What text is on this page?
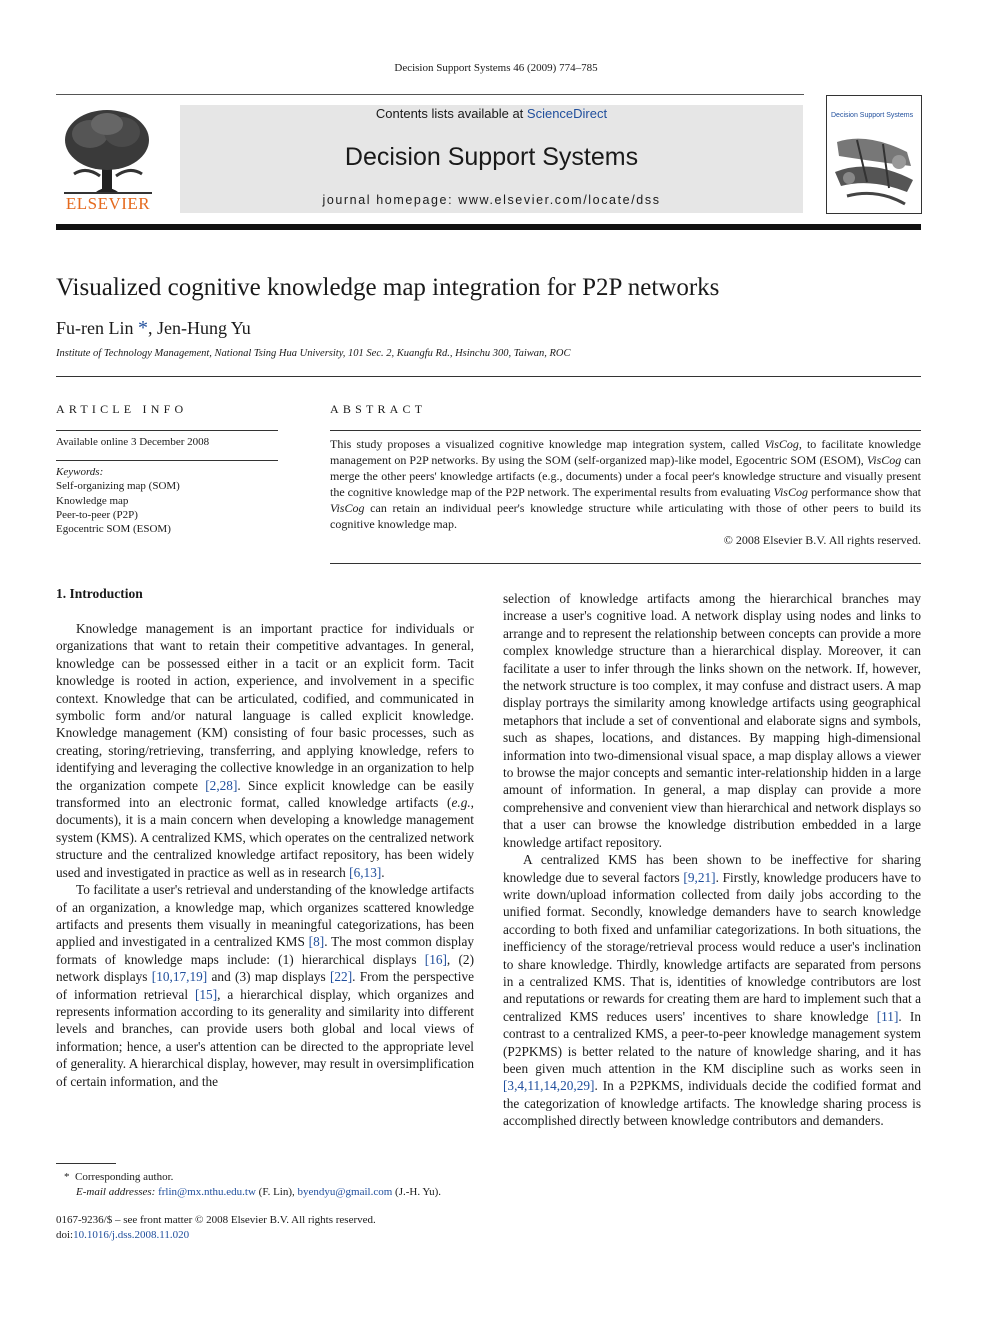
Decision Support Systems 46 (2009) 774–785
ELSEVIER
Contents lists available at ScienceDirect
Decision Support Systems
journal homepage: www.elsevier.com/locate/dss
Decision Support Systems
Visualized cognitive knowledge map integration for P2P networks
Fu-ren Lin *, Jen-Hung Yu
Institute of Technology Management, National Tsing Hua University, 101 Sec. 2, Kuangfu Rd., Hsinchu 300, Taiwan, ROC
ARTICLE INFO
Available online 3 December 2008
Keywords:
Self-organizing map (SOM)
Knowledge map
Peer-to-peer (P2P)
Egocentric SOM (ESOM)
ABSTRACT

This study proposes a visualized cognitive knowledge map integration system, called VisCog, to facilitate knowledge management on P2P networks. By using the SOM (self-organized map)-like model, Egocentric SOM (ESOM), VisCog can merge the other peers' knowledge artifacts (e.g., documents) under a focal peer's knowledge structure and visually present the cognitive knowledge map of the P2P network. The experimental results from evaluating VisCog performance show that VisCog can retain an individual peer's knowledge structure while articulating with those of other peers to build its cognitive knowledge map.

© 2008 Elsevier B.V. All rights reserved.

1. Introduction

Knowledge management is an important practice for individuals or organizations that want to retain their competitive advantages. In general, knowledge can be possessed either in a tacit or an explicit form. Tacit knowledge is rooted in action, experience, and involvement in a specific context. Knowledge that can be articulated, codified, and communicated in symbolic form and/or natural language is called explicit knowledge. Knowledge management (KM) consisting of four basic processes, such as creating, storing/retrieving, transferring, and applying knowledge, refers to identifying and leveraging the collective knowledge in an organization to help the organization compete [2,28]. Since explicit knowledge can be easily transformed into an electronic format, called knowledge artifacts (e.g., documents), it is a main concern when developing a knowledge management system (KMS). A centralized KMS, which operates on the centralized network structure and the centralized knowledge artifact repository, has been widely used and investigated in practice as well as in research [6,13].

To facilitate a user's retrieval and understanding of the knowledge artifacts of an organization, a knowledge map, which organizes scattered knowledge artifacts and presents them visually in meaningful categorizations, has been applied and investigated in a centralized KMS [8]. The most common display formats of knowledge maps include: (1) hierarchical displays [16], (2) network displays [10,17,19] and (3) map displays [22]. From the perspective of information retrieval [15], a hierarchical display, which organizes and represents information according to its generality and similarity into different levels and branches, can provide users both global and local views of information; hence, a user's attention can be directed to the appropriate level of generality. A hierarchical display, however, may result in oversimplification of certain information, and the

selection of knowledge artifacts among the hierarchical branches may increase a user's cognitive load. A network display using nodes and links to arrange and to represent the relationship between concepts can provide a more complex knowledge structure than a hierarchical display. Moreover, it can facilitate a user to infer through the links shown on the network. If, however, the network structure is too complex, it may confuse and distract users. A map display portrays the similarity among knowledge artifacts using geographical metaphors that include a set of conventional and elaborate signs and symbols, such as shapes, locations, and distances. By mapping high-dimensional information into two-dimensional visual space, a map display allows a viewer to browse the major concepts and semantic inter-relationship hidden in a large amount of information. In general, a map display can provide a more comprehensive and convenient view than hierarchical and network displays so that a user can browse the knowledge distribution embedded in a large knowledge artifact repository.

A centralized KMS has been shown to be ineffective for sharing knowledge due to several factors [9,21]. Firstly, knowledge producers have to write down/upload information collected from daily jobs according to the unified format. Secondly, knowledge demanders have to search knowledge according to both fixed and unfamiliar categorizations. In both situations, the inefficiency of the storage/retrieval process would reduce a user's inclination to share knowledge. Thirdly, knowledge artifacts are separated from persons in a centralized KMS. That is, identities of knowledge contributors are lost and reputations or rewards for creating them are hard to implement such that a centralized KMS reduces users' incentives to share knowledge [11]. In contrast to a centralized KMS, a peer-to-peer knowledge management system (P2PKMS) is better related to the nature of knowledge sharing, and it has been given much attention in the KM discipline such as works seen in [3,4,11,14,20,29]. In a P2PKMS, individuals decide the codified format and the categorization of knowledge artifacts. The knowledge sharing process is accomplished directly between knowledge contributors and demanders.

* Corresponding author.
E-mail addresses: frlin@mx.nthu.edu.tw (F. Lin), byendyu@gmail.com (J.-H. Yu).
0167-9236/$ – see front matter © 2008 Elsevier B.V. All rights reserved.
doi:10.1016/j.dss.2008.11.020
